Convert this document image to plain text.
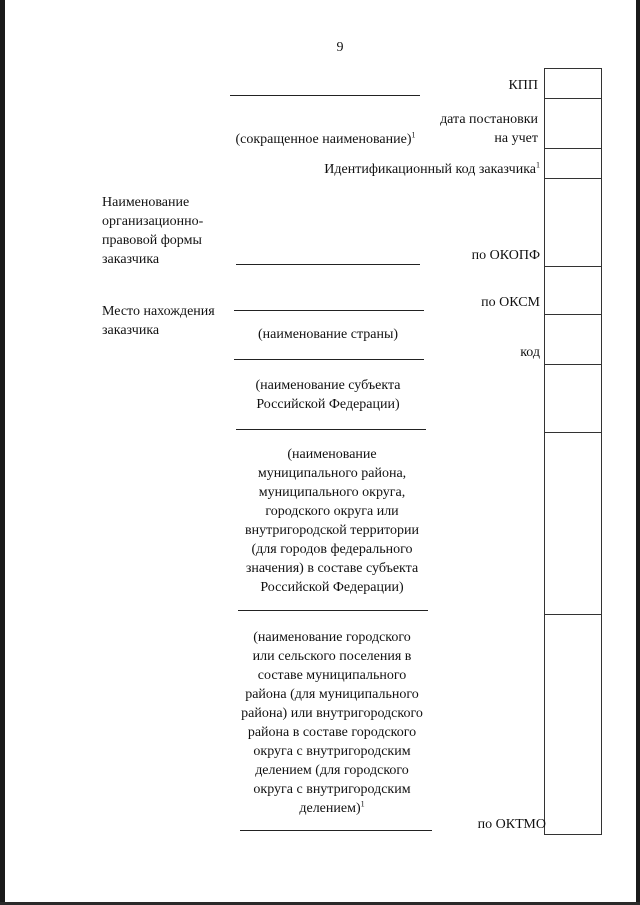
9
КПП
дата постановки
на учет
Идентификационный код заказчика$^1$
по ОКОПФ
по ОКСМ
код
по ОКТМО
(сокращенное наименование)$^1$
Наименование
организационно-
правовой формы
заказчика
Место нахождения
заказчика	(наименование страны)
(наименование субъекта
Российской Федерации)
(наименование
муниципального района,
муниципального округа,
городского округа или
внутригородской территории
(для городов федерального
значения) в составе субъекта
Российской Федерации)
(наименование городского
или сельского поселения в
составе муниципального
района (для муниципального
района) или внутригородского
района в составе городского
округа с внутригородским
делением (для городского
округа с внутригородским
делением)$^1$
